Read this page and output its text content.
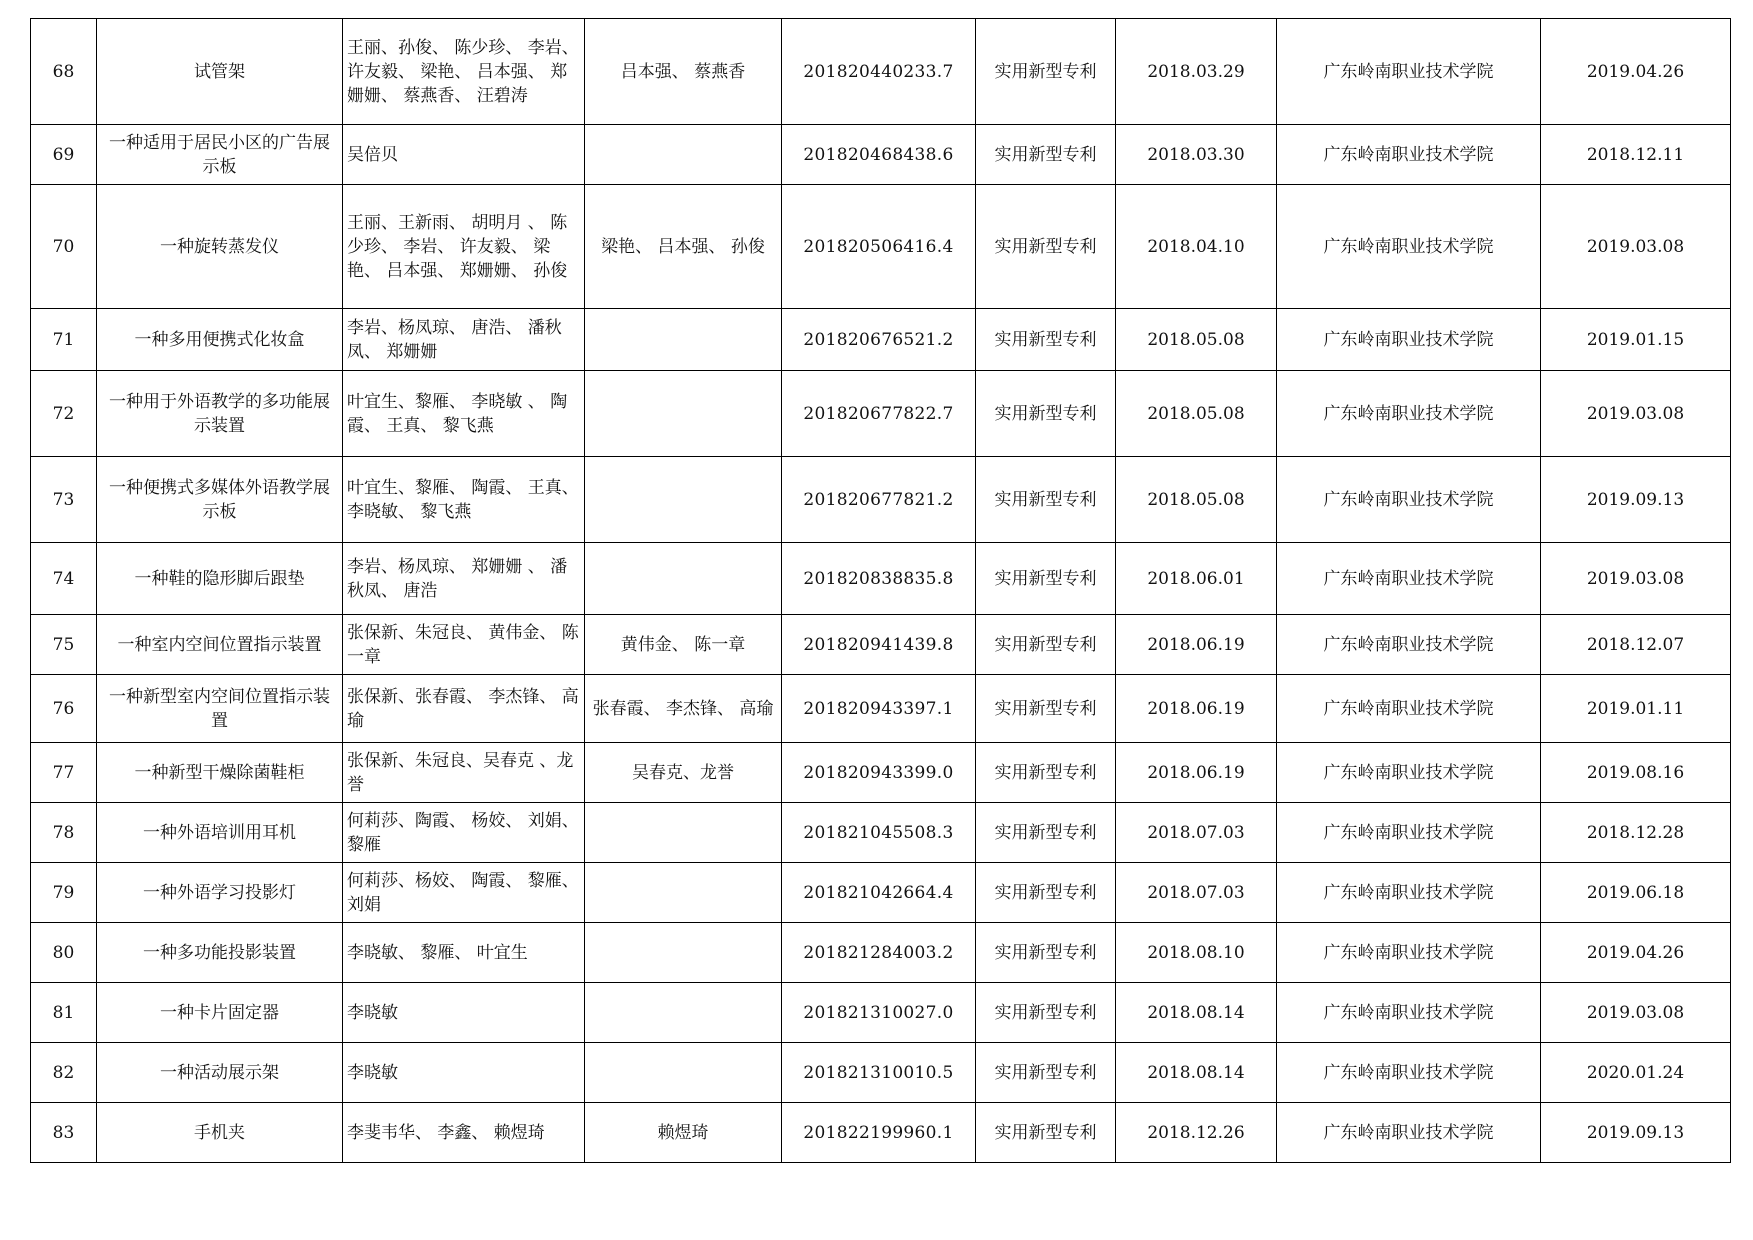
68	试管架	王丽、孙俊、 陈少珍、 李岩、 许友毅、 梁艳、 吕本强、 郑姗姗、 蔡燕香、 汪碧涛	吕本强、 蔡燕香	201820440233.7	实用新型专利	2018.03.29	广东岭南职业技术学院	2019.04.26
69	一种适用于居民小区的广告展示板	吴倍贝		201820468438.6	实用新型专利	2018.03.30	广东岭南职业技术学院	2018.12.11
70	一种旋转蒸发仪	王丽、王新雨、 胡明月 、 陈少珍、 李岩、 许友毅、 梁艳、 吕本强、 郑姗姗、 孙俊	梁艳、 吕本强、 孙俊	201820506416.4	实用新型专利	2018.04.10	广东岭南职业技术学院	2019.03.08
71	一种多用便携式化妆盒	李岩、杨凤琼、 唐浩、 潘秋凤、 郑姗姗		201820676521.2	实用新型专利	2018.05.08	广东岭南职业技术学院	2019.01.15
72	一种用于外语教学的多功能展示装置	叶宜生、黎雁、 李晓敏 、 陶霞、 王真、 黎飞燕		201820677822.7	实用新型专利	2018.05.08	广东岭南职业技术学院	2019.03.08
73	一种便携式多媒体外语教学展示板	叶宜生、黎雁、 陶霞、 王真、 李晓敏、 黎飞燕		201820677821.2	实用新型专利	2018.05.08	广东岭南职业技术学院	2019.09.13
74	一种鞋的隐形脚后跟垫	李岩、杨凤琼、 郑姗姗 、 潘秋凤、 唐浩		201820838835.8	实用新型专利	2018.06.01	广东岭南职业技术学院	2019.03.08
75	一种室内空间位置指示装置	张保新、朱冠良、 黄伟金、 陈一章	黄伟金、 陈一章	201820941439.8	实用新型专利	2018.06.19	广东岭南职业技术学院	2018.12.07
76	一种新型室内空间位置指示装置	张保新、张春霞、 李杰锋、 高瑜	张春霞、 李杰锋、 高瑜	201820943397.1	实用新型专利	2018.06.19	广东岭南职业技术学院	2019.01.11
77	一种新型干燥除菌鞋柜	张保新、朱冠良、吴春克 、龙誉	吴春克、龙誉	201820943399.0	实用新型专利	2018.06.19	广东岭南职业技术学院	2019.08.16
78	一种外语培训用耳机	何莉莎、陶霞、 杨姣、 刘娟、 黎雁		201821045508.3	实用新型专利	2018.07.03	广东岭南职业技术学院	2018.12.28
79	一种外语学习投影灯	何莉莎、杨姣、 陶霞、 黎雁、 刘娟		201821042664.4	实用新型专利	2018.07.03	广东岭南职业技术学院	2019.06.18
80	一种多功能投影装置	李晓敏、 黎雁、 叶宜生		201821284003.2	实用新型专利	2018.08.10	广东岭南职业技术学院	2019.04.26
81	一种卡片固定器	李晓敏		201821310027.0	实用新型专利	2018.08.14	广东岭南职业技术学院	2019.03.08
82	一种活动展示架	李晓敏		201821310010.5	实用新型专利	2018.08.14	广东岭南职业技术学院	2020.01.24
83	手机夹	李斐韦华、 李鑫、 赖煜琦	赖煜琦	201822199960.1	实用新型专利	2018.12.26	广东岭南职业技术学院	2019.09.13
